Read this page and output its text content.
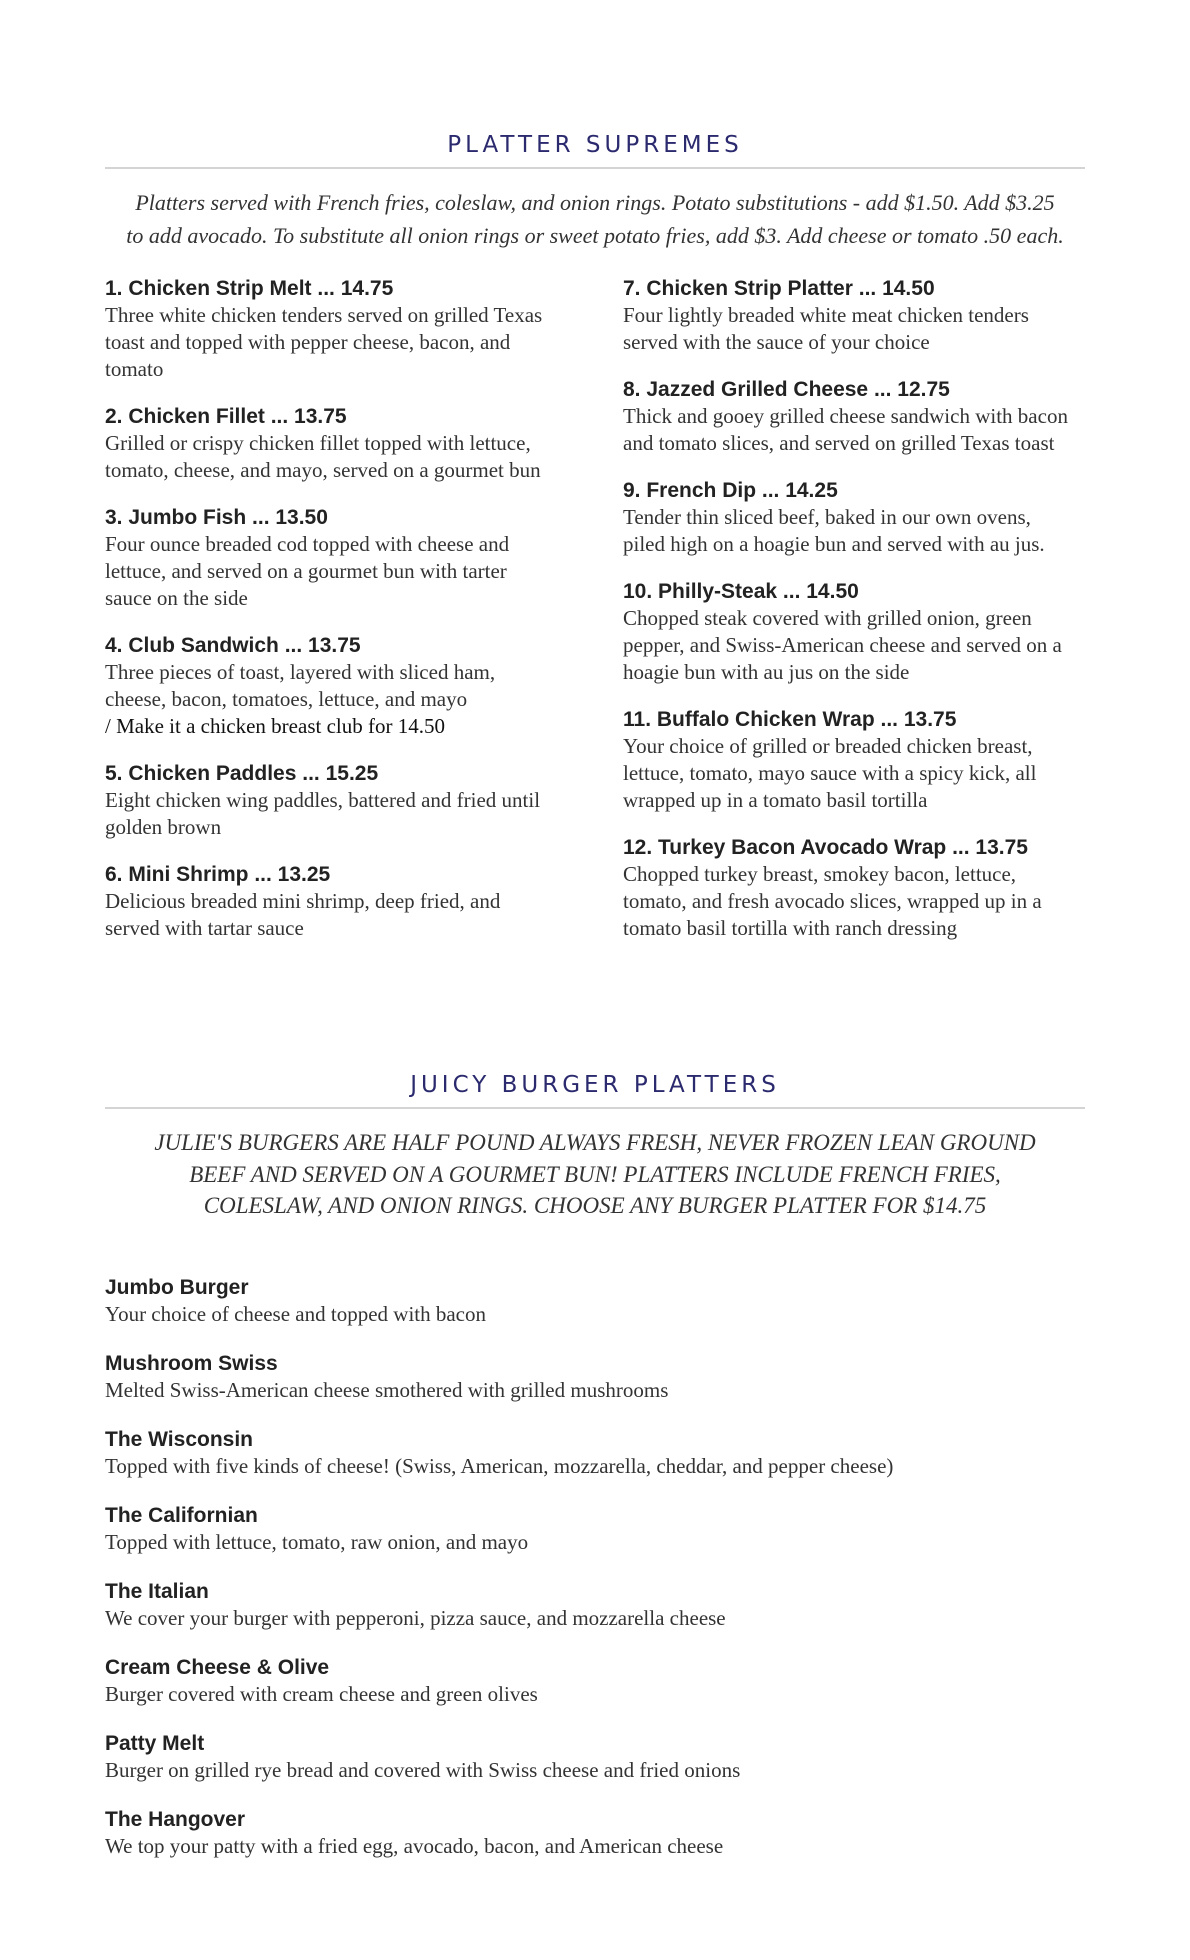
PLATTER SUPREMES
Platters served with French fries, coleslaw, and onion rings. Potato substitutions - add $1.50. Add $3.25
to add avocado. To substitute all onion rings or sweet potato fries, add $3. Add cheese or tomato .50 each.
1. Chicken Strip Melt ... 14.75
Three white chicken tenders served on grilled Texas toast and topped with pepper cheese, bacon, and tomato
2. Chicken Fillet ... 13.75
Grilled or crispy chicken fillet topped with lettuce, tomato, cheese, and mayo, served on a gourmet bun
3. Jumbo Fish ... 13.50
Four ounce breaded cod topped with cheese and lettuce, and served on a gourmet bun with tarter sauce on the side
4. Club Sandwich ... 13.75
Three pieces of toast, layered with sliced ham, cheese, bacon, tomatoes, lettuce, and mayo
/ Make it a chicken breast club for 14.50
5. Chicken Paddles ... 15.25
Eight chicken wing paddles, battered and fried until golden brown
6. Mini Shrimp ... 13.25
Delicious breaded mini shrimp, deep fried, and served with tartar sauce
7. Chicken Strip Platter ... 14.50
Four lightly breaded white meat chicken tenders served with the sauce of your choice
8. Jazzed Grilled Cheese ... 12.75
Thick and gooey grilled cheese sandwich with bacon and tomato slices, and served on grilled Texas toast
9. French Dip ... 14.25
Tender thin sliced beef, baked in our own ovens, piled high on a hoagie bun and served with au jus.
10. Philly-Steak ... 14.50
Chopped steak covered with grilled onion, green pepper, and Swiss-American cheese and served on a hoagie bun with au jus on the side
11. Buffalo Chicken Wrap ... 13.75
Your choice of grilled or breaded chicken breast, lettuce, tomato, mayo sauce with a spicy kick, all wrapped up in a tomato basil tortilla
12. Turkey Bacon Avocado Wrap ... 13.75
Chopped turkey breast, smokey bacon, lettuce, tomato, and fresh avocado slices, wrapped up in a tomato basil tortilla with ranch dressing
JUICY BURGER PLATTERS
JULIE'S BURGERS ARE HALF POUND ALWAYS FRESH, NEVER FROZEN LEAN GROUND BEEF AND SERVED ON A GOURMET BUN! PLATTERS INCLUDE FRENCH FRIES, COLESLAW, AND ONION RINGS. CHOOSE ANY BURGER PLATTER FOR $14.75
Jumbo Burger
Your choice of cheese and topped with bacon
Mushroom Swiss
Melted Swiss-American cheese smothered with grilled mushrooms
The Wisconsin
Topped with five kinds of cheese! (Swiss, American, mozzarella, cheddar, and pepper cheese)
The Californian
Topped with lettuce, tomato, raw onion, and mayo
The Italian
We cover your burger with pepperoni, pizza sauce, and mozzarella cheese
Cream Cheese & Olive
Burger covered with cream cheese and green olives
Patty Melt
Burger on grilled rye bread and covered with Swiss cheese and fried onions
The Hangover
We top your patty with a fried egg, avocado, bacon, and American cheese
